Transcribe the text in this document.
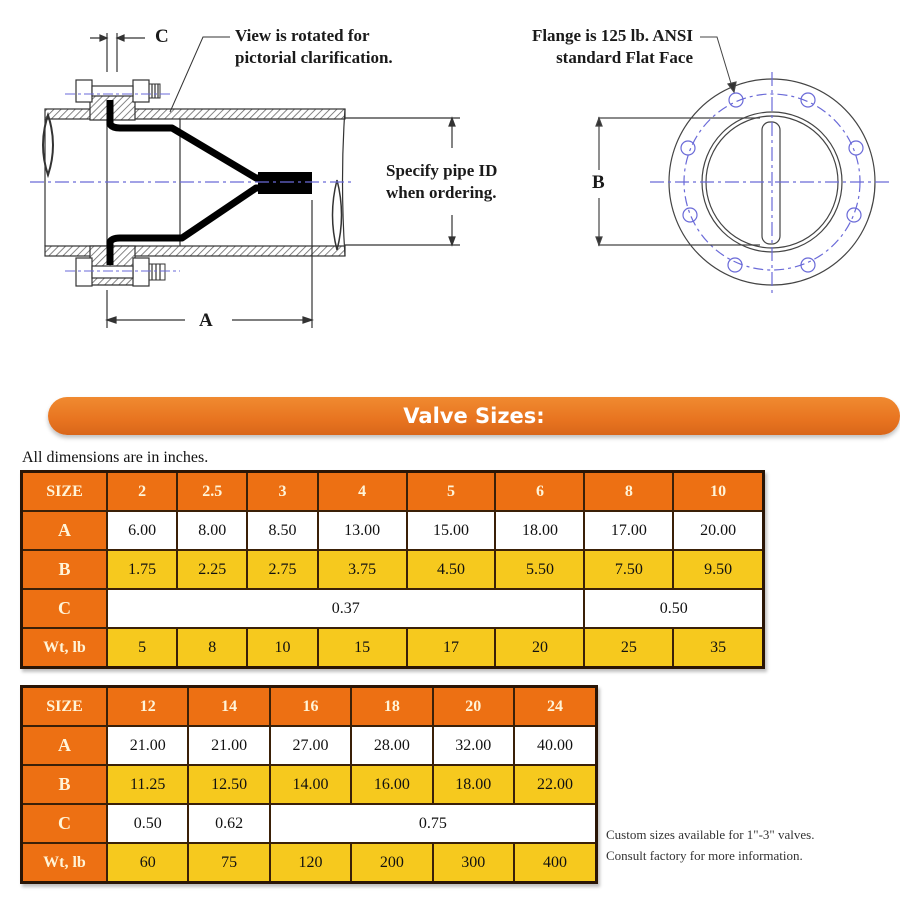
C	View is rotated for
pictorial clarification.
A
Specify pipe ID
when ordering.
Flange is 125 lb. ANSI
standard Flat Face
B
Valve Sizes:
All dimensions are in inches.
SIZE	2	2.5	3	4	5	6	8	10
A	6.00	8.00	8.50	13.00	15.00	18.00	17.00	20.00
B	1.75	2.25	2.75	3.75	4.50	5.50	7.50	9.50
C	0.37						0.50	
Wt, lb	5	8	10	15	17	20	25	35
SIZE	12	14	16	18	20	24
A	21.00	21.00	27.00	28.00	32.00	40.00
B	11.25	12.50	14.00	16.00	18.00	22.00
C	0.50	0.62	0.75			
Wt, lb	60	75	120	200	300	400
Custom sizes available for 1"-3" valves.
Consult factory for more information.
